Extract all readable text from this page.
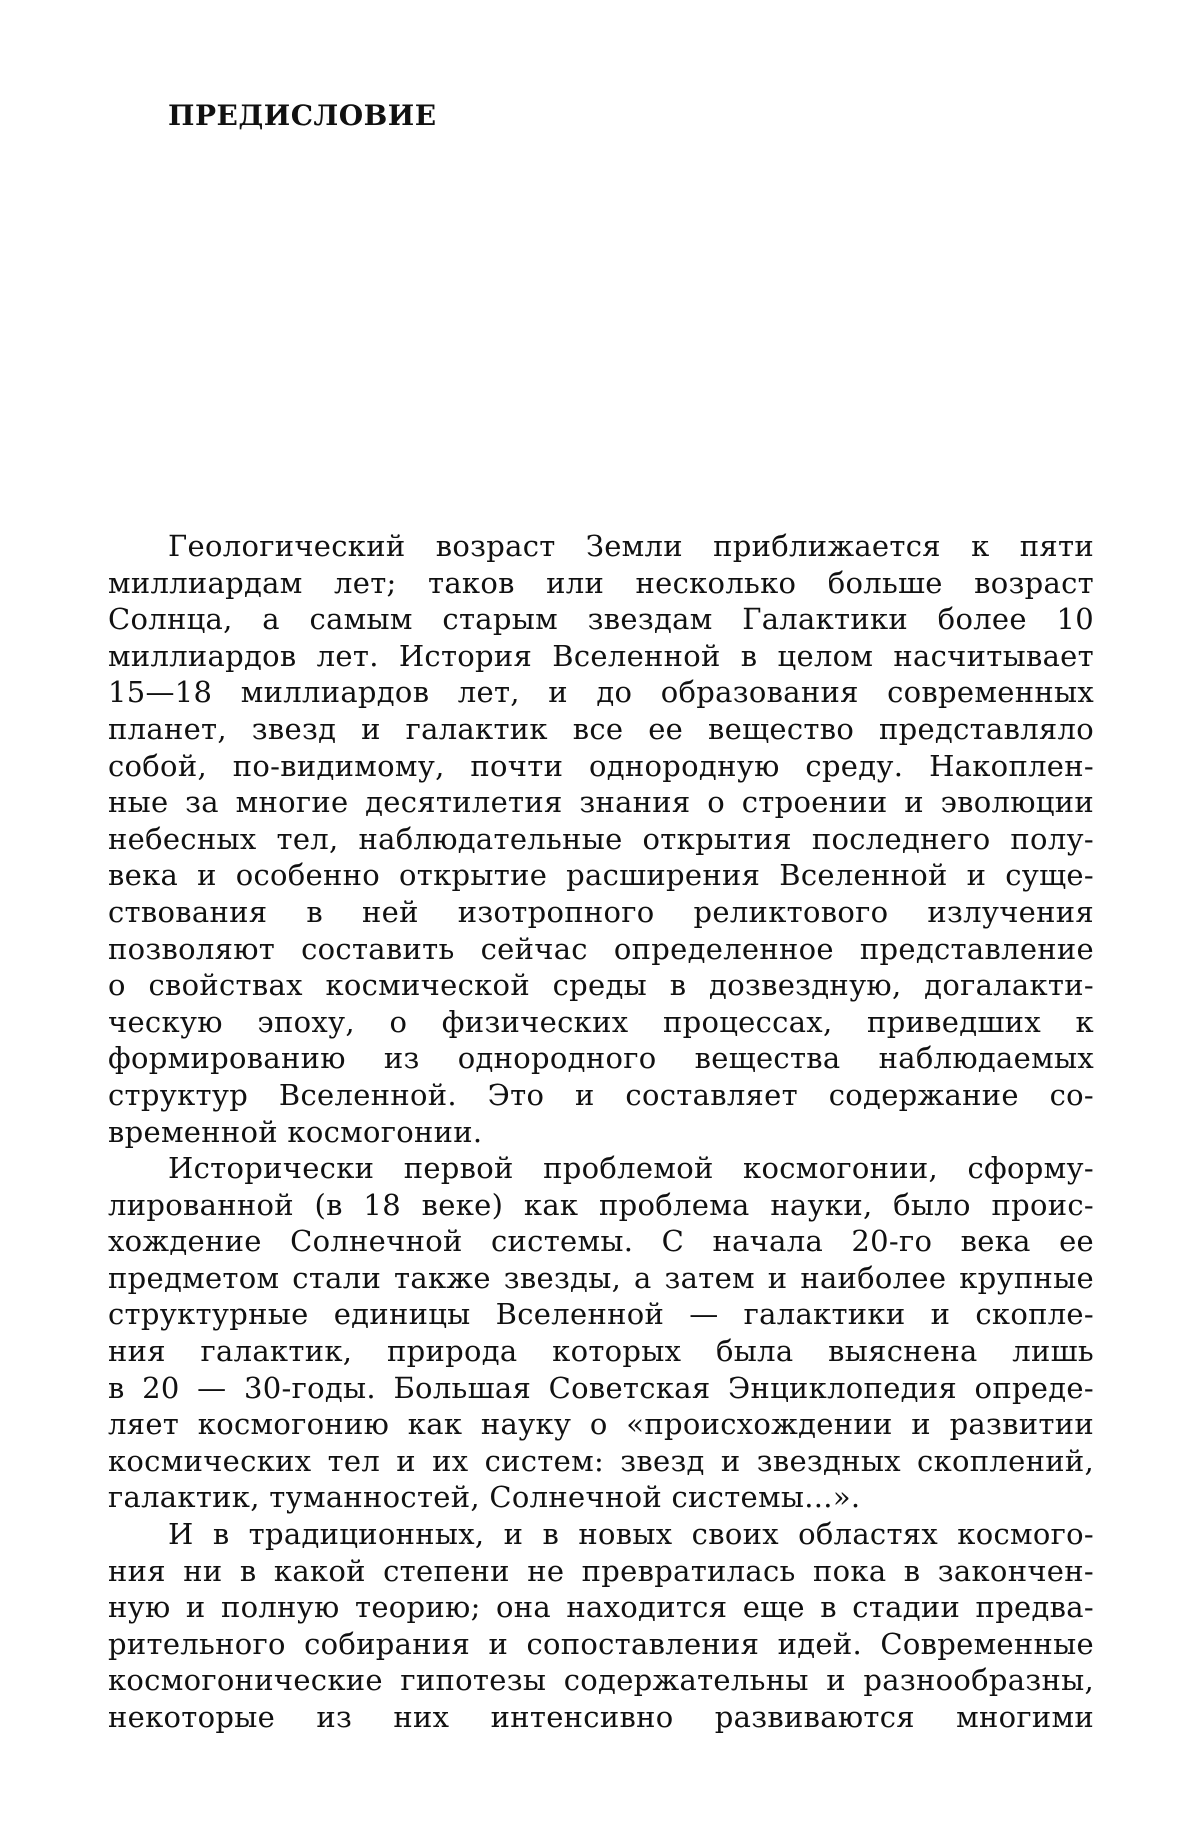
ПРЕДИСЛОВИЕ
Геологический возраст Земли приближается к пяти
миллиардам лет; таков или несколько больше возраст
Солнца, а самым старым звездам Галактики более 10
миллиардов лет. История Вселенной в целом насчитывает
15—18 миллиардов лет, и до образования современных
планет, звезд и галактик все ее вещество представляло
собой, по-видимому, почти однородную среду. Накоплен-
ные за многие десятилетия знания о строении и эволюции
небесных тел, наблюдательные открытия последнего полу-
века и особенно открытие расширения Вселенной и суще-
ствования в ней изотропного реликтового излучения
позволяют составить сейчас определенное представление
о свойствах космической среды в дозвездную, догалакти-
ческую эпоху, о физических процессах, приведших к
формированию из однородного вещества наблюдаемых
структур Вселенной. Это и составляет содержание со-
временной космогонии.
Исторически первой проблемой космогонии, сформу-
лированной (в 18 веке) как проблема науки, было проис-
хождение Солнечной системы. С начала 20-го века ее
предметом стали также звезды, а затем и наиболее крупные
структурные единицы Вселенной — галактики и скопле-
ния галактик, природа которых была выяснена лишь
в 20 — 30-годы. Большая Советская Энциклопедия опреде-
ляет космогонию как науку о «происхождении и развитии
космических тел и их систем: звезд и звездных скоплений,
галактик, туманностей, Солнечной системы...».
И в традиционных, и в новых своих областях космого-
ния ни в какой степени не превратилась пока в закончен-
ную и полную теорию; она находится еще в стадии предва-
рительного собирания и сопоставления идей. Современные
космогонические гипотезы содержательны и разнообразны,
некоторые из них интенсивно развиваются многими
